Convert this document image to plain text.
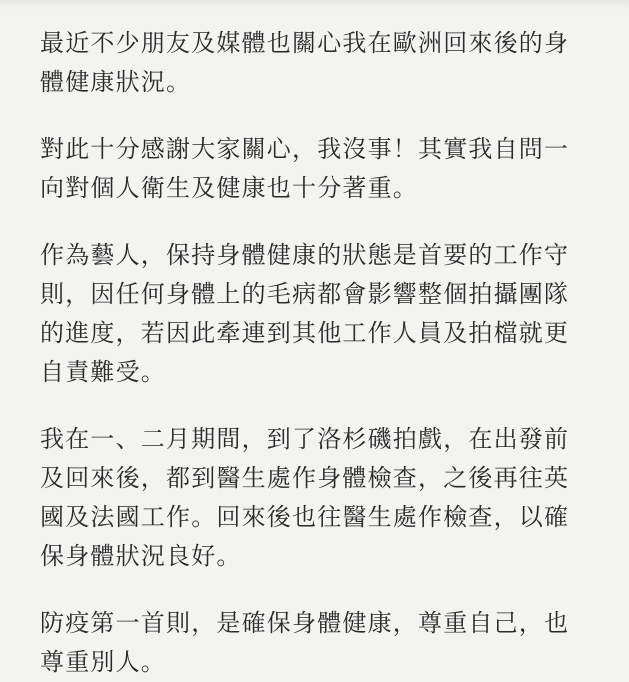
最近不少朋友及媒體也關心我在歐洲回來後的身
體健康狀況。

對此十分感謝大家關心，我沒事！其實我自問一
向對個人衛生及健康也十分著重。

作為藝人，保持身體健康的狀態是首要的工作守
則，因任何身體上的毛病都會影響整個拍攝團隊
的進度，若因此牽連到其他工作人員及拍檔就更
自責難受。

我在一、二月期間，到了洛杉磯拍戲，在出發前
及回來後，都到醫生處作身體檢查，之後再往英
國及法國工作。回來後也往醫生處作檢查，以確
保身體狀況良好。

防疫第一首則，是確保身體健康，尊重自己，也
尊重別人。
